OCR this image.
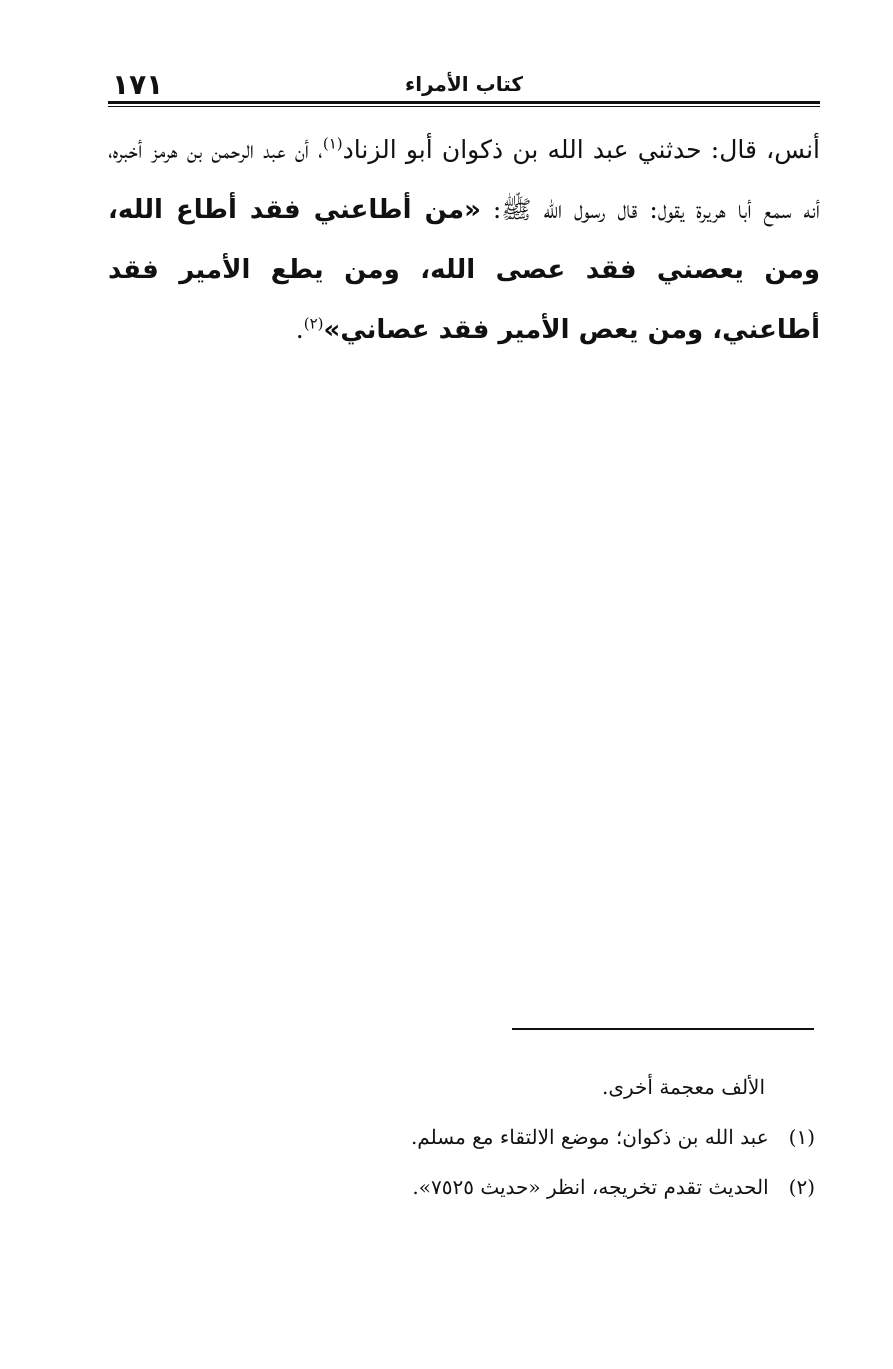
١٧١	كتاب الأمراء
أنس، قال: حدثني عبد الله بن ذكوان أبو الزناد$^{(١)}$، أن عبد الرحمن بن هرمز أخبره، أنه سمع أبا هريرة يقول: قال رسول الله ﷺ: «من أطاعني فقد أطاع الله، ومن يعصني فقد عصى الله، ومن يطع الأمير فقد أطاعني، ومن يعص الأمير فقد عصاني»$^{(٢)}$.
الألف معجمة أخرى.
(١) عبد الله بن ذكوان؛ موضع الالتقاء مع مسلم.
(٢) الحديث تقدم تخريجه، انظر «حديث ٧٥٢٥».
